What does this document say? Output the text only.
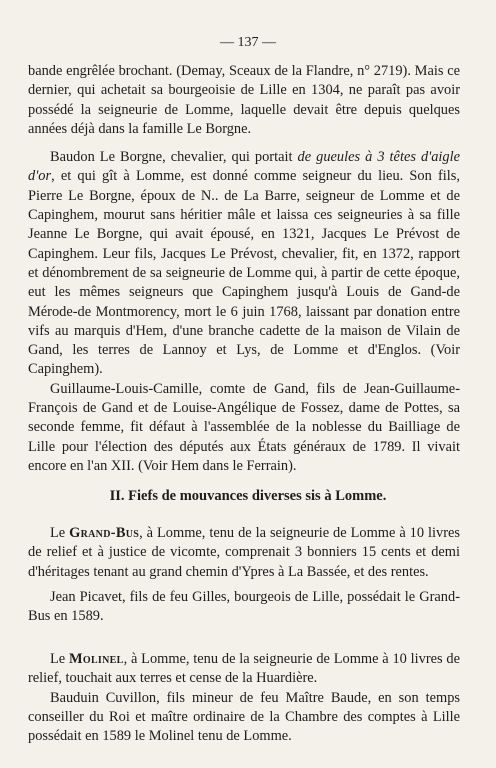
— 137 —

bande engrêlée brochant. (Demay, Sceaux de la Flandre, n° 2719). Mais ce dernier, qui achetait sa bourgeoisie de Lille en 1304, ne paraît pas avoir possédé la seigneurie de Lomme, laquelle devait être depuis quelques années déjà dans la famille Le Borgne.

Baudon Le Borgne, chevalier, qui portait de gueules à 3 têtes d'aigle d'or, et qui gît à Lomme, est donné comme seigneur du lieu. Son fils, Pierre Le Borgne, époux de N.. de La Barre, seigneur de Lomme et de Capinghem, mourut sans héritier mâle et laissa ces seigneuries à sa fille Jeanne Le Borgne, qui avait épousé, en 1321, Jacques Le Prévost de Capinghem. Leur fils, Jacques Le Prévost, chevalier, fit, en 1372, rapport et dénombrement de sa seigneurie de Lomme qui, à partir de cette époque, eut les mêmes seigneurs que Capinghem jusqu'à Louis de Gand-de Mérode-de Montmorency, mort le 6 juin 1768, laissant par donation entre vifs au marquis d'Hem, d'une branche cadette de la maison de Vilain de Gand, les terres de Lannoy et Lys, de Lomme et d'Englos. (Voir Capinghem).

Guillaume-Louis-Camille, comte de Gand, fils de Jean-Guillaume-François de Gand et de Louise-Angélique de Fossez, dame de Pottes, sa seconde femme, fit défaut à l'assemblée de la noblesse du Bailliage de Lille pour l'élection des députés aux États généraux de 1789. Il vivait encore en l'an XII. (Voir Hem dans le Ferrain).

II. Fiefs de mouvances diverses sis à Lomme.

Le Grand-Bus, à Lomme, tenu de la seigneurie de Lomme à 10 livres de relief et à justice de vicomte, comprenait 3 bonniers 15 cents et demi d'héritages tenant au grand chemin d'Ypres à La Bassée, et des rentes.

Jean Picavet, fils de feu Gilles, bourgeois de Lille, possédait le Grand-Bus en 1589.

Le Molinel, à Lomme, tenu de la seigneurie de Lomme à 10 livres de relief, touchait aux terres et cense de la Huardière.

Bauduin Cuvillon, fils mineur de feu Maître Baude, en son temps conseiller du Roi et maître ordinaire de la Chambre des comptes à Lille possédait en 1589 le Molinel tenu de Lomme.
